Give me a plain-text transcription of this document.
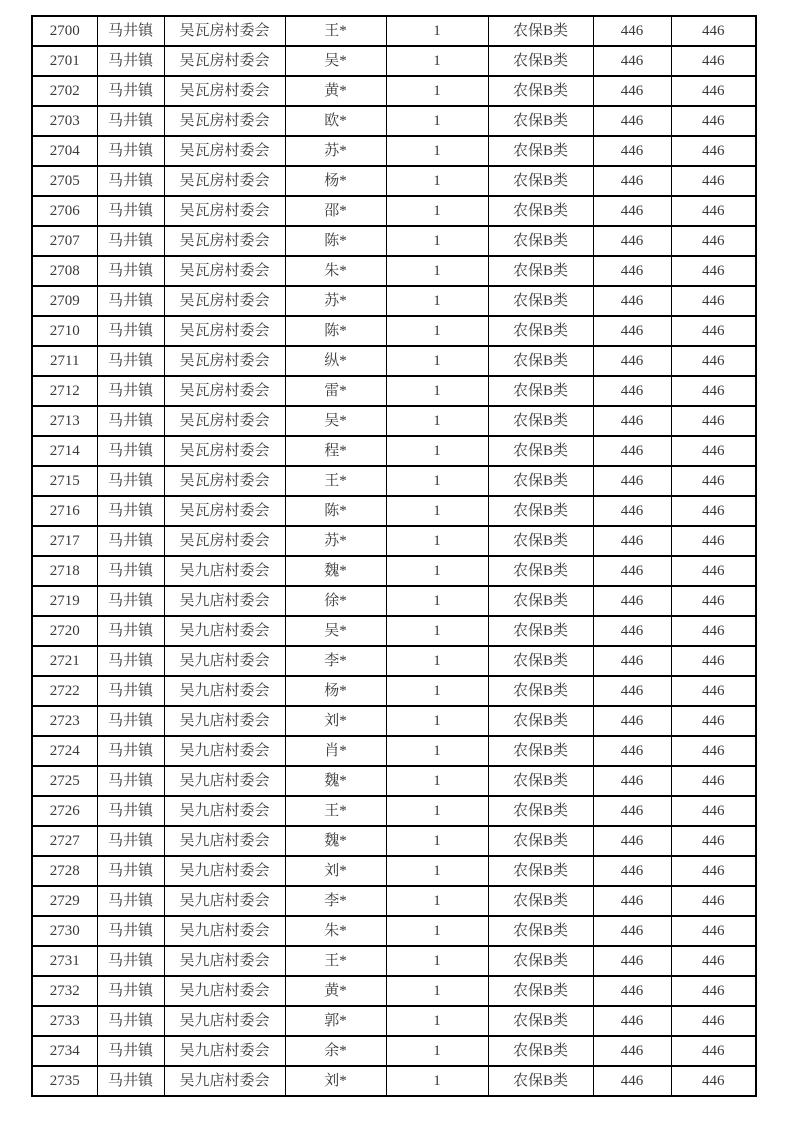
2700	马井镇	吴瓦房村委会	王*	1	农保B类	446	446
2701	马井镇	吴瓦房村委会	吴*	1	农保B类	446	446
2702	马井镇	吴瓦房村委会	黄*	1	农保B类	446	446
2703	马井镇	吴瓦房村委会	欧*	1	农保B类	446	446
2704	马井镇	吴瓦房村委会	苏*	1	农保B类	446	446
2705	马井镇	吴瓦房村委会	杨*	1	农保B类	446	446
2706	马井镇	吴瓦房村委会	邵*	1	农保B类	446	446
2707	马井镇	吴瓦房村委会	陈*	1	农保B类	446	446
2708	马井镇	吴瓦房村委会	朱*	1	农保B类	446	446
2709	马井镇	吴瓦房村委会	苏*	1	农保B类	446	446
2710	马井镇	吴瓦房村委会	陈*	1	农保B类	446	446
2711	马井镇	吴瓦房村委会	纵*	1	农保B类	446	446
2712	马井镇	吴瓦房村委会	雷*	1	农保B类	446	446
2713	马井镇	吴瓦房村委会	吴*	1	农保B类	446	446
2714	马井镇	吴瓦房村委会	程*	1	农保B类	446	446
2715	马井镇	吴瓦房村委会	王*	1	农保B类	446	446
2716	马井镇	吴瓦房村委会	陈*	1	农保B类	446	446
2717	马井镇	吴瓦房村委会	苏*	1	农保B类	446	446
2718	马井镇	吴九店村委会	魏*	1	农保B类	446	446
2719	马井镇	吴九店村委会	徐*	1	农保B类	446	446
2720	马井镇	吴九店村委会	吴*	1	农保B类	446	446
2721	马井镇	吴九店村委会	李*	1	农保B类	446	446
2722	马井镇	吴九店村委会	杨*	1	农保B类	446	446
2723	马井镇	吴九店村委会	刘*	1	农保B类	446	446
2724	马井镇	吴九店村委会	肖*	1	农保B类	446	446
2725	马井镇	吴九店村委会	魏*	1	农保B类	446	446
2726	马井镇	吴九店村委会	王*	1	农保B类	446	446
2727	马井镇	吴九店村委会	魏*	1	农保B类	446	446
2728	马井镇	吴九店村委会	刘*	1	农保B类	446	446
2729	马井镇	吴九店村委会	李*	1	农保B类	446	446
2730	马井镇	吴九店村委会	朱*	1	农保B类	446	446
2731	马井镇	吴九店村委会	王*	1	农保B类	446	446
2732	马井镇	吴九店村委会	黄*	1	农保B类	446	446
2733	马井镇	吴九店村委会	郭*	1	农保B类	446	446
2734	马井镇	吴九店村委会	余*	1	农保B类	446	446
2735	马井镇	吴九店村委会	刘*	1	农保B类	446	446
